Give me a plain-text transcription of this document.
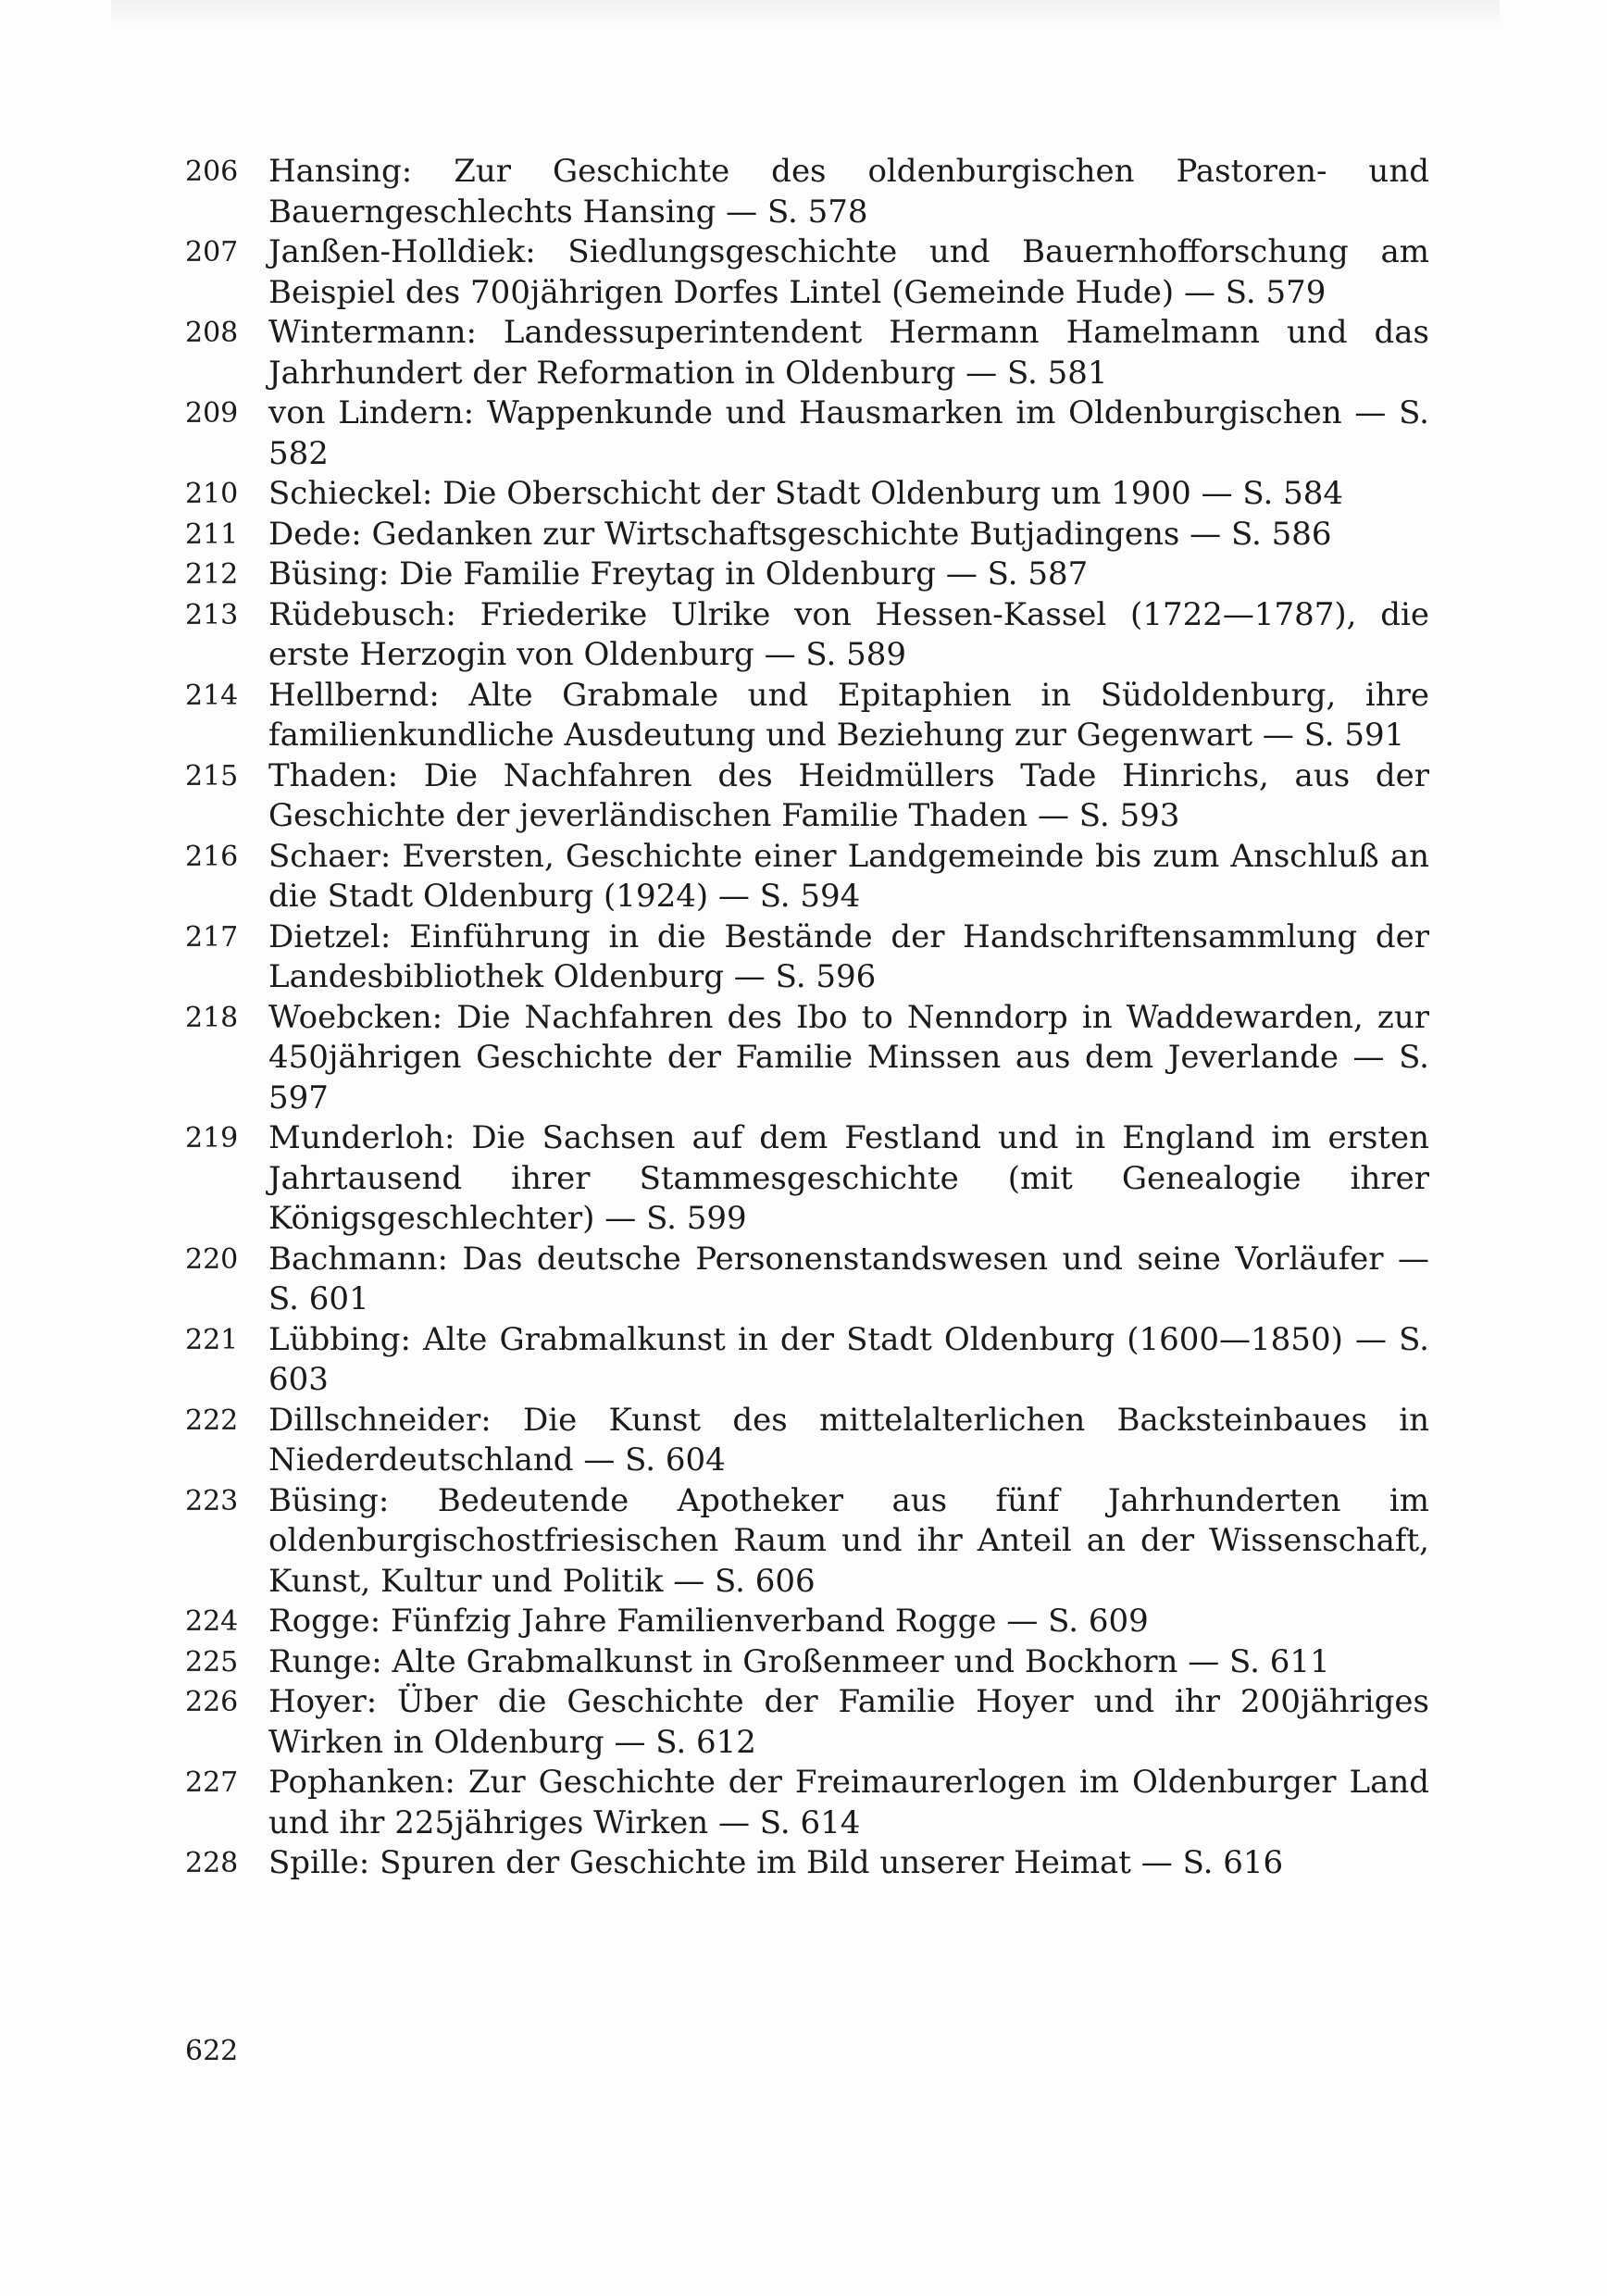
206 Hansing: Zur Geschichte des oldenburgischen Pastoren- und Bauerngeschlechts Hansing — S. 578
207 Janßen-Holldiek: Siedlungsgeschichte und Bauernhofforschung am Beispiel des 700jährigen Dorfes Lintel (Gemeinde Hude) — S. 579
208 Wintermann: Landessuperintendent Hermann Hamelmann und das Jahrhundert der Reformation in Oldenburg — S. 581
209 von Lindern: Wappenkunde und Hausmarken im Oldenburgischen — S. 582
210 Schieckel: Die Oberschicht der Stadt Oldenburg um 1900 — S. 584
211 Dede: Gedanken zur Wirtschaftsgeschichte Butjadingens — S. 586
212 Büsing: Die Familie Freytag in Oldenburg — S. 587
213 Rüdebusch: Friederike Ulrike von Hessen-Kassel (1722—1787), die erste Herzogin von Oldenburg — S. 589
214 Hellbernd: Alte Grabmale und Epitaphien in Südoldenburg, ihre familienkundliche Ausdeutung und Beziehung zur Gegenwart — S. 591
215 Thaden: Die Nachfahren des Heidmüllers Tade Hinrichs, aus der Geschichte der jeverländischen Familie Thaden — S. 593
216 Schaer: Eversten, Geschichte einer Landgemeinde bis zum Anschluß an die Stadt Oldenburg (1924) — S. 594
217 Dietzel: Einführung in die Bestände der Handschriftensammlung der Landesbibliothek Oldenburg — S. 596
218 Woebcken: Die Nachfahren des Ibo to Nenndorp in Waddewarden, zur 450jährigen Geschichte der Familie Minssen aus dem Jeverlande — S. 597
219 Munderloh: Die Sachsen auf dem Festland und in England im ersten Jahrtausend ihrer Stammesgeschichte (mit Genealogie ihrer Königsgeschlechter) — S. 599
220 Bachmann: Das deutsche Personenstandswesen und seine Vorläufer — S. 601
221 Lübbing: Alte Grabmalkunst in der Stadt Oldenburg (1600—1850) — S. 603
222 Dillschneider: Die Kunst des mittelalterlichen Backsteinbaues in Niederdeutschland — S. 604
223 Büsing: Bedeutende Apotheker aus fünf Jahrhunderten im oldenburgischostfriesischen Raum und ihr Anteil an der Wissenschaft, Kunst, Kultur und Politik — S. 606
224 Rogge: Fünfzig Jahre Familienverband Rogge — S. 609
225 Runge: Alte Grabmalkunst in Großenmeer und Bockhorn — S. 611
226 Hoyer: Über die Geschichte der Familie Hoyer und ihr 200jähriges Wirken in Oldenburg — S. 612
227 Pophanken: Zur Geschichte der Freimaurerlogen im Oldenburger Land und ihr 225jähriges Wirken — S. 614
228 Spille: Spuren der Geschichte im Bild unserer Heimat — S. 616
622
